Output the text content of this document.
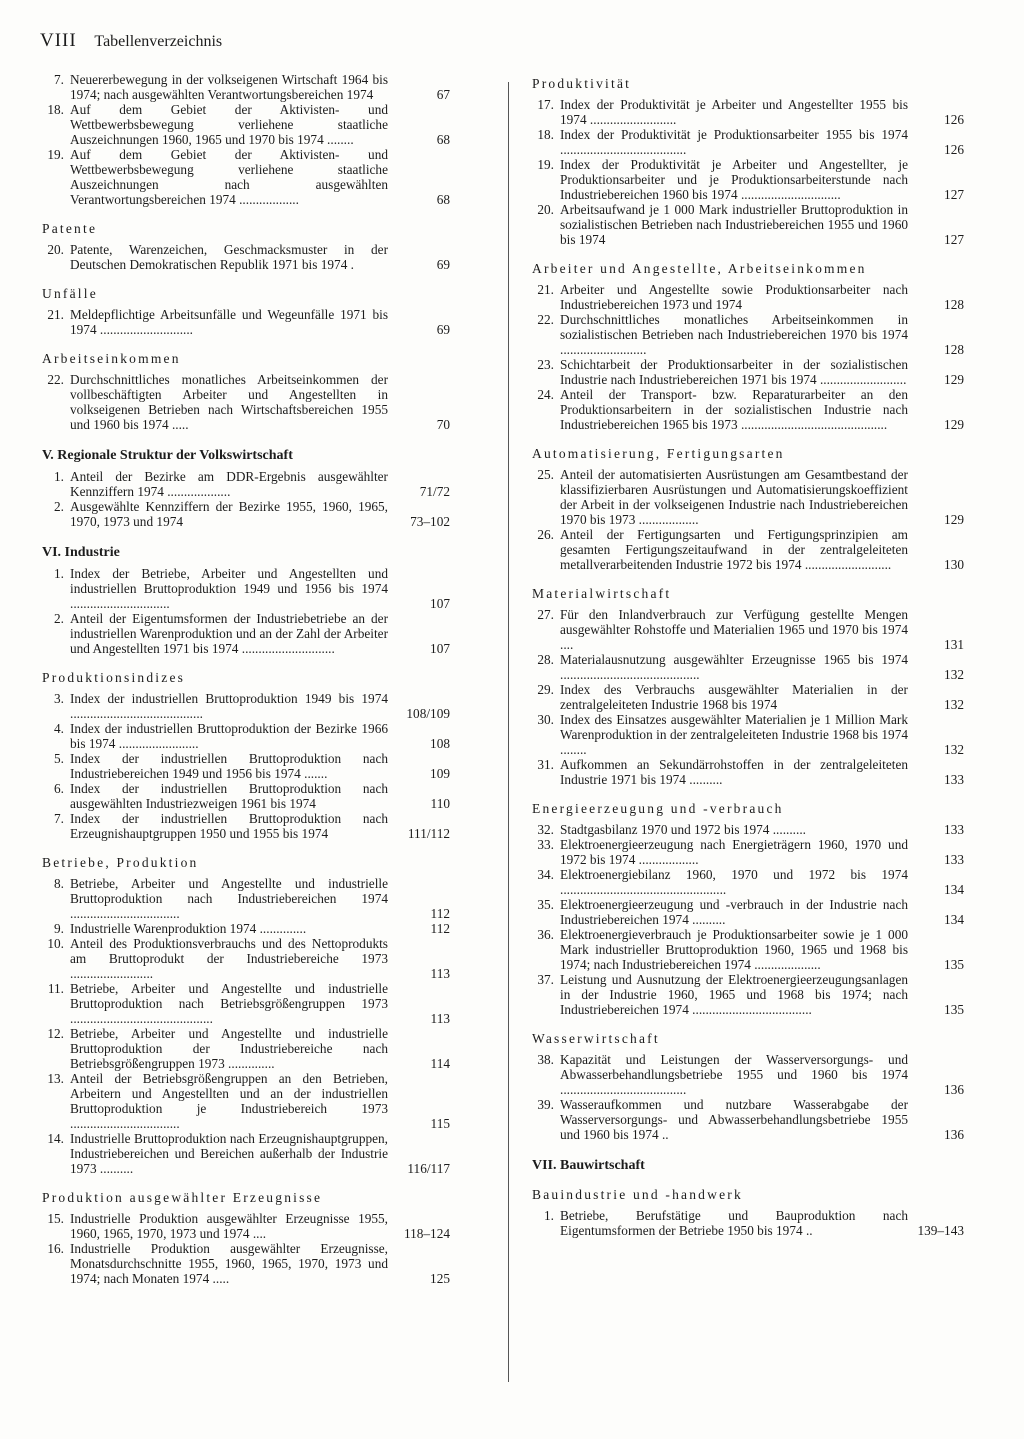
VIII Tabellenverzeichnis
7. Neuererbewegung in der volkseigenen Wirtschaft 1964 bis 1974; nach ausgewählten Verantwortungsbereichen 1974	67
18. Auf dem Gebiet der Aktivisten- und Wettbewerbsbewegung verliehene staatliche Auszeichnungen 1960, 1965 und 1970 bis 1974 ........	68
19. Auf dem Gebiet der Aktivisten- und Wettbewerbsbewegung verliehene staatliche Auszeichnungen nach ausgewählten Verantwortungsbereichen 1974 ..................	68
Patente
20. Patente, Warenzeichen, Geschmacksmuster in der Deutschen Demokratischen Republik 1971 bis 1974 .	69
Unfälle
21. Meldepflichtige Arbeitsunfälle und Wegeunfälle 1971 bis 1974 ............................	69
Arbeitseinkommen
22. Durchschnittliches monatliches Arbeitseinkommen der vollbeschäftigten Arbeiter und Angestellten in volkseigenen Betrieben nach Wirtschaftsbereichen 1955 und 1960 bis 1974 .....	70
V. Regionale Struktur der Volkswirtschaft
1. Anteil der Bezirke am DDR-Ergebnis ausgewählter Kennziffern 1974 ...................	71/72
2. Ausgewählte Kennziffern der Bezirke 1955, 1960, 1965, 1970, 1973 und 1974	73–102
VI. Industrie
1. Index der Betriebe, Arbeiter und Angestellten und industriellen Bruttoproduktion 1949 und 1956 bis 1974 ..............................	107
2. Anteil der Eigentumsformen der Industriebetriebe an der industriellen Warenproduktion und an der Zahl der Arbeiter und Angestellten 1971 bis 1974 ............................	107
Produktionsindizes
3. Index der industriellen Bruttoproduktion 1949 bis 1974 ........................................	108/109
4. Index der industriellen Bruttoproduktion der Bezirke 1966 bis 1974 ........................	108
5. Index der industriellen Bruttoproduktion nach Industriebereichen 1949 und 1956 bis 1974 .......	109
6. Index der industriellen Bruttoproduktion nach ausgewählten Industriezweigen 1961 bis 1974	110
7. Index der industriellen Bruttoproduktion nach Erzeugnishauptgruppen 1950 und 1955 bis 1974	111/112
Betriebe, Produktion
8. Betriebe, Arbeiter und Angestellte und industrielle Bruttoproduktion nach Industriebereichen 1974 .................................	112
9. Industrielle Warenproduktion 1974 ..............	112
10. Anteil des Produktionsverbrauchs und des Nettoprodukts am Bruttoprodukt der Industriebereiche 1973 .........................	113
11. Betriebe, Arbeiter und Angestellte und industrielle Bruttoproduktion nach Betriebsgrößengruppen 1973 ...........................................	113
12. Betriebe, Arbeiter und Angestellte und industrielle Bruttoproduktion der Industriebereiche nach Betriebsgrößengruppen 1973 ..............	114
13. Anteil der Betriebsgrößengruppen an den Betrieben, Arbeitern und Angestellten und an der industriellen Bruttoproduktion je Industriebereich 1973 .................................	115
14. Industrielle Bruttoproduktion nach Erzeugnishauptgruppen, Industriebereichen und Bereichen außerhalb der Industrie 1973 ..........	116/117
Produktion ausgewählter Erzeugnisse
15. Industrielle Produktion ausgewählter Erzeugnisse 1955, 1960, 1965, 1970, 1973 und 1974 ....	118–124
16. Industrielle Produktion ausgewählter Erzeugnisse, Monatsdurchschnitte 1955, 1960, 1965, 1970, 1973 und 1974; nach Monaten 1974 .....	125
Produktivität
17. Index der Produktivität je Arbeiter und Angestellter 1955 bis 1974 ..........................	126
18. Index der Produktivität je Produktionsarbeiter 1955 bis 1974 ......................................	126
19. Index der Produktivität je Arbeiter und Angestellter, je Produktionsarbeiter und je Produktionsarbeiterstunde nach Industriebereichen 1960 bis 1974 ..............................	127
20. Arbeitsaufwand je 1 000 Mark industrieller Bruttoproduktion in sozialistischen Betrieben nach Industriebereichen 1955 und 1960 bis 1974	127
Arbeiter und Angestellte, Arbeitseinkommen
21. Arbeiter und Angestellte sowie Produktionsarbeiter nach Industriebereichen 1973 und 1974	128
22. Durchschnittliches monatliches Arbeitseinkommen in sozialistischen Betrieben nach Industriebereichen 1970 bis 1974 ..........................	128
23. Schichtarbeit der Produktionsarbeiter in der sozialistischen Industrie nach Industriebereichen 1971 bis 1974 ..........................	129
24. Anteil der Transport- bzw. Reparaturarbeiter an den Produktionsarbeitern in der sozialistischen Industrie nach Industriebereichen 1965 bis 1973 ............................................	129
Automatisierung, Fertigungsarten
25. Anteil der automatisierten Ausrüstungen am Gesamtbestand der klassifizierbaren Ausrüstungen und Automatisierungskoeffizient der Arbeit in der volkseigenen Industrie nach Industriebereichen 1970 bis 1973 ..................	129
26. Anteil der Fertigungsarten und Fertigungsprinzipien am gesamten Fertigungszeitaufwand in der zentralgeleiteten metallverarbeitenden Industrie 1972 bis 1974 ..........................	130
Materialwirtschaft
27. Für den Inlandverbrauch zur Verfügung gestellte Mengen ausgewählter Rohstoffe und Materialien 1965 und 1970 bis 1974 ....	131
28. Materialausnutzung ausgewählter Erzeugnisse 1965 bis 1974 ..........................................	132
29. Index des Verbrauchs ausgewählter Materialien in der zentralgeleiteten Industrie 1968 bis 1974	132
30. Index des Einsatzes ausgewählter Materialien je 1 Million Mark Warenproduktion in der zentralgeleiteten Industrie 1968 bis 1974 ........	132
31. Aufkommen an Sekundärrohstoffen in der zentralgeleiteten Industrie 1971 bis 1974 ..........	133
Energieerzeugung und -verbrauch
32. Stadtgasbilanz 1970 und 1972 bis 1974 ..........	133
33. Elektroenergieerzeugung nach Energieträgern 1960, 1970 und 1972 bis 1974 ..................	133
34. Elektroenergiebilanz 1960, 1970 und 1972 bis 1974 ..................................................	134
35. Elektroenergieerzeugung und -verbrauch in der Industrie nach Industriebereichen 1974 ..........	134
36. Elektroenergieverbrauch je Produktionsarbeiter sowie je 1 000 Mark industrieller Bruttoproduktion 1960, 1965 und 1968 bis 1974; nach Industriebereichen 1974 ....................	135
37. Leistung und Ausnutzung der Elektroenergieerzeugungsanlagen in der Industrie 1960, 1965 und 1968 bis 1974; nach Industriebereichen 1974 ....................................	135
Wasserwirtschaft
38. Kapazität und Leistungen der Wasserversorgungs- und Abwasserbehandlungsbetriebe 1955 und 1960 bis 1974 ......................................	136
39. Wasseraufkommen und nutzbare Wasserabgabe der Wasserversorgungs- und Abwasserbehandlungsbetriebe 1955 und 1960 bis 1974 ..	136
VII. Bauwirtschaft
Bauindustrie und -handwerk
1. Betriebe, Berufstätige und Bauproduktion nach Eigentumsformen der Betriebe 1950 bis 1974 ..	139–143
